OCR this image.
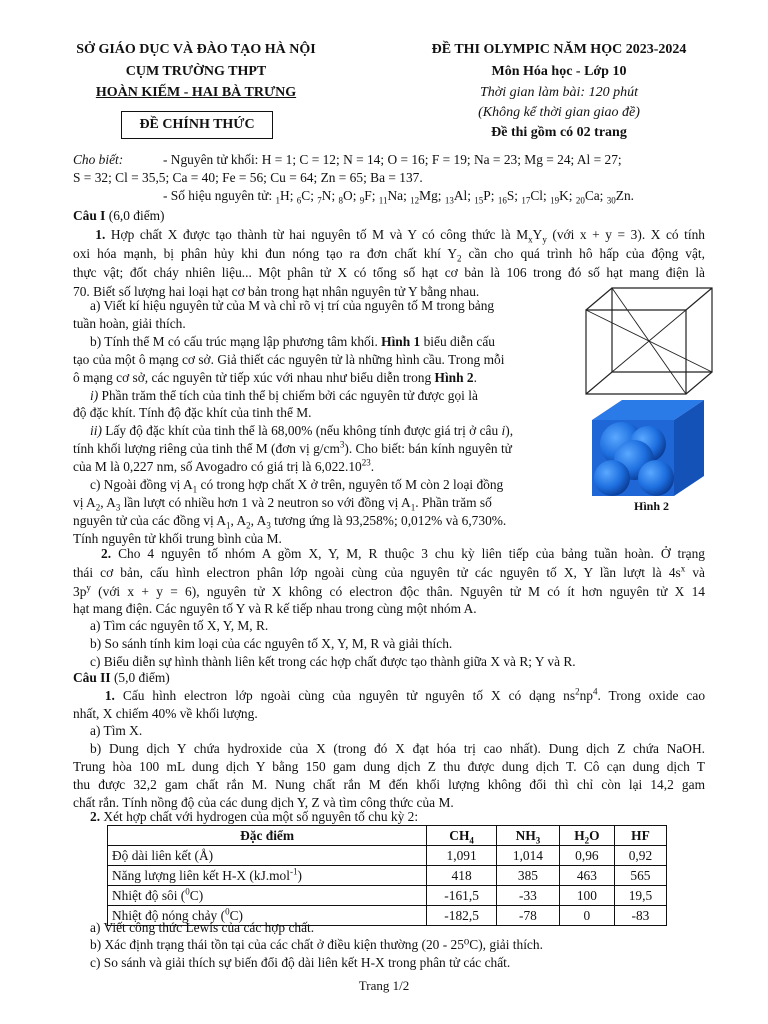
SỞ GIÁO DỤC VÀ ĐÀO TẠO HÀ NỘI
CỤM TRƯỜNG THPT
HOÀN KIẾM - HAI BÀ TRƯNG
ĐỀ CHÍNH THỨC
ĐỀ THI OLYMPIC NĂM HỌC 2023-2024
Môn Hóa học - Lớp 10
Thời gian làm bài: 120 phút
(Không kể thời gian giao đề)
Đề thi gồm có 02 trang
Cho biết:	- Nguyên tử khối: H = 1; C = 12; N = 14; O = 16; F = 19; Na = 23; Mg = 24; Al = 27;
S = 32; Cl = 35,5; Ca = 40; Fe = 56; Cu = 64; Zn = 65; Ba = 137.
- Số hiệu nguyên tử: $_1$H; $_6$C; $_7$N; $_8$O; $_9$F; $_{11}$Na; $_{12}$Mg; $_{13}$Al; $_{15}$P; $_{16}$S; $_{17}$Cl; $_{19}$K; $_{20}$Ca; $_{30}$Zn.
Câu I (6,0 điểm)
1. Hợp chất X được tạo thành từ hai nguyên tố M và Y có công thức là $M_xY_y$ (với x + y = 3). X có tính
oxi hóa mạnh, bị phân hủy khi đun nóng tạo ra đơn chất khí $Y_2$ cần cho quá trình hô hấp của động vật,
thực vật; đốt cháy nhiên liệu... Một phân tử X có tổng số hạt cơ bản là 106 trong đó số hạt mang điện là
70. Biết số lượng hai loại hạt cơ bản trong hạt nhân nguyên tử Y bằng nhau.
a) Viết kí hiệu nguyên tử của M và chỉ rõ vị trí của nguyên tố M trong bảng
tuần hoàn, giải thích.
b) Tính thể M có cấu trúc mạng lập phương tâm khối. Hình 1 biểu diễn cấu
tạo của một ô mạng cơ sở. Giả thiết các nguyên tử là những hình cầu. Trong mỗi
ô mạng cơ sở, các nguyên tử tiếp xúc với nhau như biểu diễn trong Hình 2.
i) Phần trăm thể tích của tinh thể bị chiếm bởi các nguyên tử được gọi là
độ đặc khít. Tính độ đặc khít của tinh thể M.
ii) Lấy độ đặc khít của tinh thể là 68,00% (nếu không tính được giá trị ở câu i),
tính khối lượng riêng của tinh thể M (đơn vị $g/cm^3$). Cho biết: bán kính nguyên tử
của M là 0,227 nm, số Avogadro có giá trị là 6,022.10$^{23}$.
c) Ngoài đồng vị $A_1$ có trong hợp chất X ở trên, nguyên tố M còn 2 loại đồng
vị $A_2$, $A_3$ lần lượt có nhiều hơn 1 và 2 neutron so với đồng vị $A_1$. Phần trăm số
nguyên tử của các đồng vị $A_1$, $A_2$, $A_3$ tương ứng là 93,258%; 0,012% và 6,730%.
Tính nguyên tử khối trung bình của M.
Hình 2
2. Cho 4 nguyên tố nhóm A gồm X, Y, M, R thuộc 3 chu kỳ liên tiếp của bảng tuần hoàn. Ở trạng
thái cơ bản, cấu hình electron phân lớp ngoài cùng của nguyên tử các nguyên tố X, Y lần lượt là $4s^x$ và
$3p^y$ (với x + y = 6), nguyên tử X không có electron độc thân. Nguyên tử M có ít hơn nguyên tử X 14
hạt mang điện. Các nguyên tố Y và R kế tiếp nhau trong cùng một nhóm A.
a) Tìm các nguyên tố X, Y, M, R.
b) So sánh tính kim loại của các nguyên tố X, Y, M, R và giải thích.
c) Biểu diễn sự hình thành liên kết trong các hợp chất được tạo thành giữa X và R; Y và R.
Câu II (5,0 điểm)
1. Cấu hình electron lớp ngoài cùng của nguyên tử nguyên tố X có dạng $ns^2np^4$. Trong oxide cao
nhất, X chiếm 40% về khối lượng.
a) Tìm X.
b) Dung dịch Y chứa hydroxide của X (trong đó X đạt hóa trị cao nhất). Dung dịch Z chứa NaOH.
Trung hòa 100 mL dung dịch Y bằng 150 gam dung dịch Z thu được dung dịch T. Cô cạn dung dịch T
thu được 32,2 gam chất rắn M. Nung chất rắn M đến khối lượng không đổi thì chỉ còn lại 14,2 gam
chất rắn. Tính nồng độ của các dung dịch Y, Z và tìm công thức của M.
2. Xét hợp chất với hydrogen của một số nguyên tố chu kỳ 2:
Đặc điểm	$CH_4$	$NH_3$	$H_2O$	HF
Độ dài liên kết (Å)	1,091	1,014	0,96	0,92
Năng lượng liên kết H-X (kJ.mol$^{-1}$)	418	385	463	565
Nhiệt độ sôi ($^0$C)	-161,5	-33	100	19,5
Nhiệt độ nóng chảy ($^0$C)	-182,5	-78	0	-83
a) Viết công thức Lewis của các hợp chất.
b) Xác định trạng thái tồn tại của các chất ở điều kiện thường (20 - 25⁰C), giải thích.
c) So sánh và giải thích sự biến đổi độ dài liên kết H-X trong phân tử các chất.
Trang 1/2
